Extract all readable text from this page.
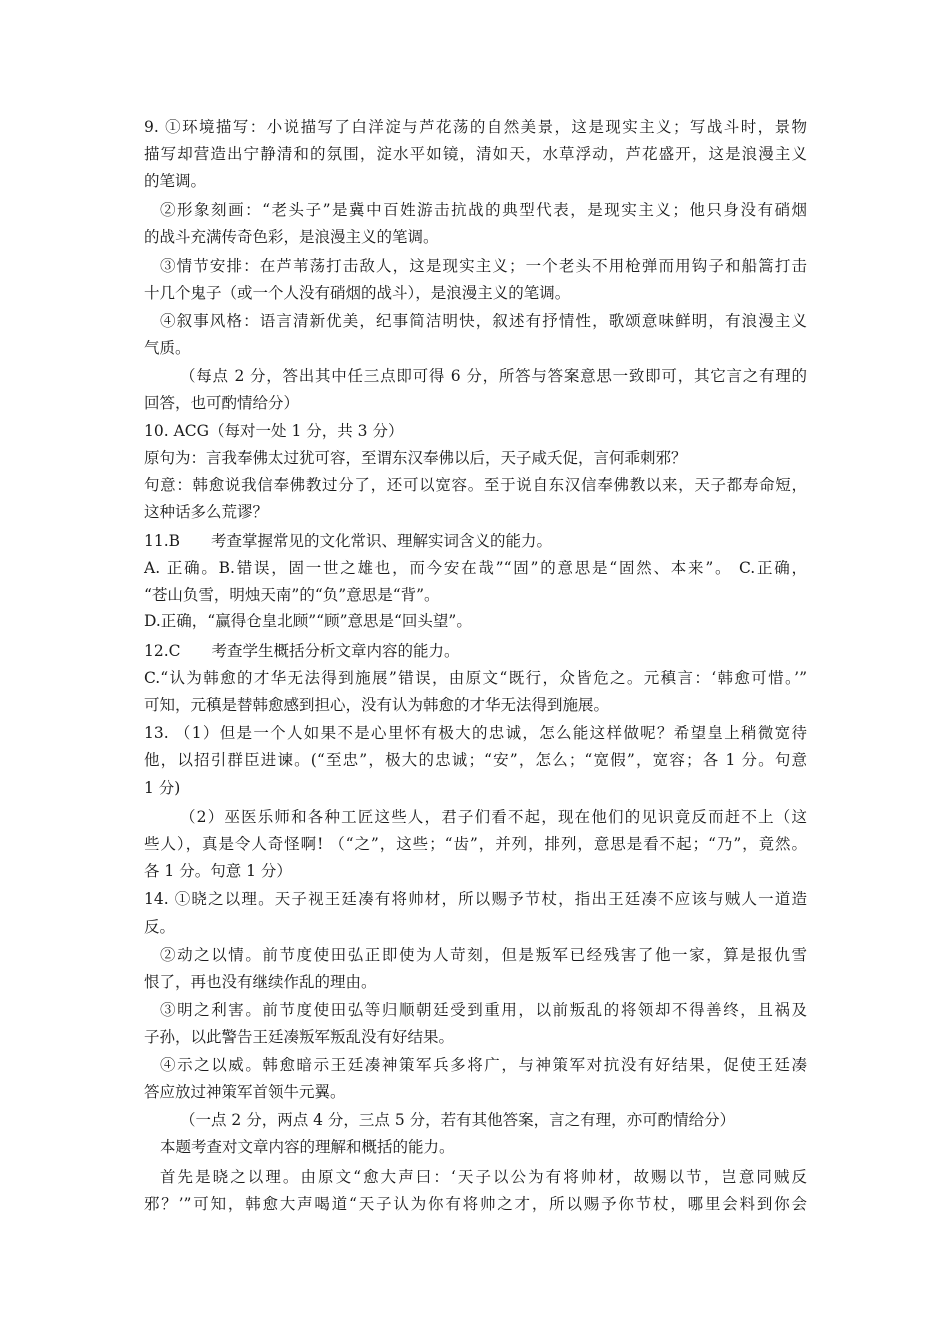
9. ①环境描写：小说描写了白洋淀与芦花荡的自然美景，这是现实主义；写战斗时，景物

描写却营造出宁静清和的氛围，淀水平如镜，清如天，水草浮动，芦花盛开，这是浪漫主义

的笔调。

②形象刻画：“老头子”是冀中百姓游击抗战的典型代表，是现实主义；他只身没有硝烟

的战斗充满传奇色彩，是浪漫主义的笔调。

③情节安排：在芦苇荡打击敌人，这是现实主义；一个老头不用枪弹而用钩子和船篙打击

十几个鬼子（或一个人没有硝烟的战斗），是浪漫主义的笔调。

④叙事风格：语言清新优美，纪事简洁明快，叙述有抒情性，歌颂意味鲜明，有浪漫主义

气质。

（每点 2 分，答出其中任三点即可得 6 分，所答与答案意思一致即可，其它言之有理的

回答，也可酌情给分）

10. ACG（每对一处 1 分，共 3 分）

原句为：言我奉佛太过犹可容，至谓东汉奉佛以后，天子咸夭促，言何乖刺邪？

句意：韩愈说我信奉佛教过分了，还可以宽容。至于说自东汉信奉佛教以来，天子都寿命短，

这种话多么荒谬？

11.B　　考查掌握常见的文化常识、理解实词含义的能力。

A. 正确。B.错误，固一世之雄也，而今安在哉”“固”的意思是“固然、本来”。 C.正确，

“苍山负雪，明烛天南”的“负”意思是“背”。

D.正确，“赢得仓皇北顾”“顾”意思是“回头望”。

12.C　　考查学生概括分析文章内容的能力。

C.“认为韩愈的才华无法得到施展”错误，由原文“既行，众皆危之。元稹言：‘韩愈可惜。’”

可知，元稹是替韩愈感到担心，没有认为韩愈的才华无法得到施展。

13. （1）但是一个人如果不是心里怀有极大的忠诚，怎么能这样做呢？希望皇上稍微宽待

他，以招引群臣进谏。(“至忠”，极大的忠诚；“安”，怎么；“宽假”，宽容；各 1 分。句意

1 分)

（2）巫医乐师和各种工匠这些人，君子们看不起，现在他们的见识竟反而赶不上（这

些人），真是令人奇怪啊! （“之”，这些；“齿”，并列，排列，意思是看不起；“乃”，竟然。

各 1 分。句意 1 分）

14. ①晓之以理。天子视王廷凑有将帅材，所以赐予节杖，指出王廷凑不应该与贼人一道造

反。

②动之以情。前节度使田弘正即使为人苛刻，但是叛军已经残害了他一家，算是报仇雪

恨了，再也没有继续作乱的理由。

③明之利害。前节度使田弘等归顺朝廷受到重用，以前叛乱的将领却不得善终，且祸及

子孙，以此警告王廷凑叛军叛乱没有好结果。

④示之以威。韩愈暗示王廷凑神策军兵多将广，与神策军对抗没有好结果，促使王廷凑

答应放过神策军首领牛元翼。

（一点 2 分，两点 4 分，三点 5 分，若有其他答案，言之有理，亦可酌情给分）

本题考查对文章内容的理解和概括的能力。

首先是晓之以理。由原文“愈大声曰：‘天子以公为有将帅材，故赐以节，岂意同贼反

邪？’”可知，韩愈大声喝道“天子认为你有将帅之才，所以赐予你节杖，哪里会料到你会
